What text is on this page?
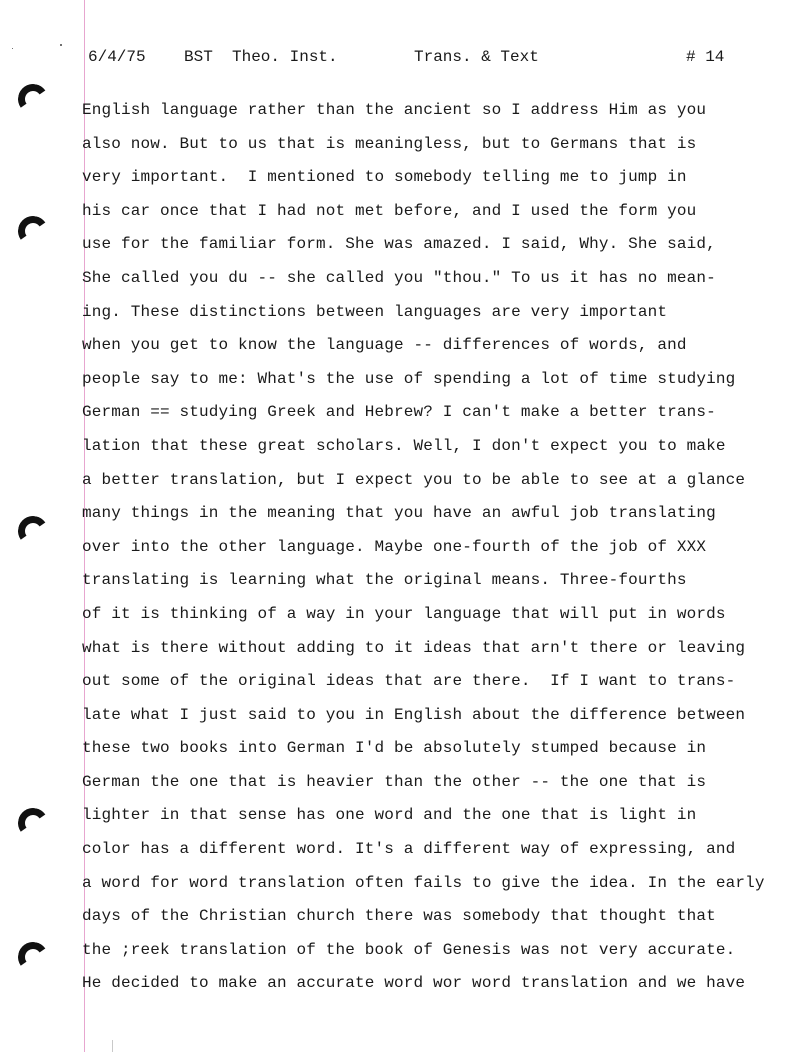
6/4/75

BST

Theo. Inst.

	Trans. & Text

	# 14

English language rather than the ancient so I address Him as you
also now. But to us that is meaningless, but to Germans that is
very important.  I mentioned to somebody telling me to jump in
his car once that I had not met before, and I used the form you
use for the familiar form. She was amazed. I said, Why. She said,
She called you du -- she called you "thou." To us it has no mean-
ing. These distinctions between languages are very important
when you get to know the language -- differences of words, and
people say to me: What's the use of spending a lot of time studying
German == studying Greek and Hebrew? I can't make a better trans-
lation that these great scholars. Well, I don't expect you to make
a better translation, but I expect you to be able to see at a glance
many things in the meaning that you have an awful job translating
over into the other language. Maybe one-fourth of the job of XXX
translating is learning what the original means. Three-fourths
of it is thinking of a way in your language that will put in words
what is there without adding to it ideas that arn't there or leaving
out some of the original ideas that are there.  If I want to trans-
late what I just said to you in English about the difference between
these two books into German I'd be absolutely stumped because in
German the one that is heavier than the other -- the one that is
lighter in that sense has one word and the one that is light in
color has a different word. It's a different way of expressing, and
a word for word translation often fails to give the idea. In the early
days of the Christian church there was somebody that thought that
the ;reek translation of the book of Genesis was not very accurate.
He decided to make an accurate word wor word translation and we have
